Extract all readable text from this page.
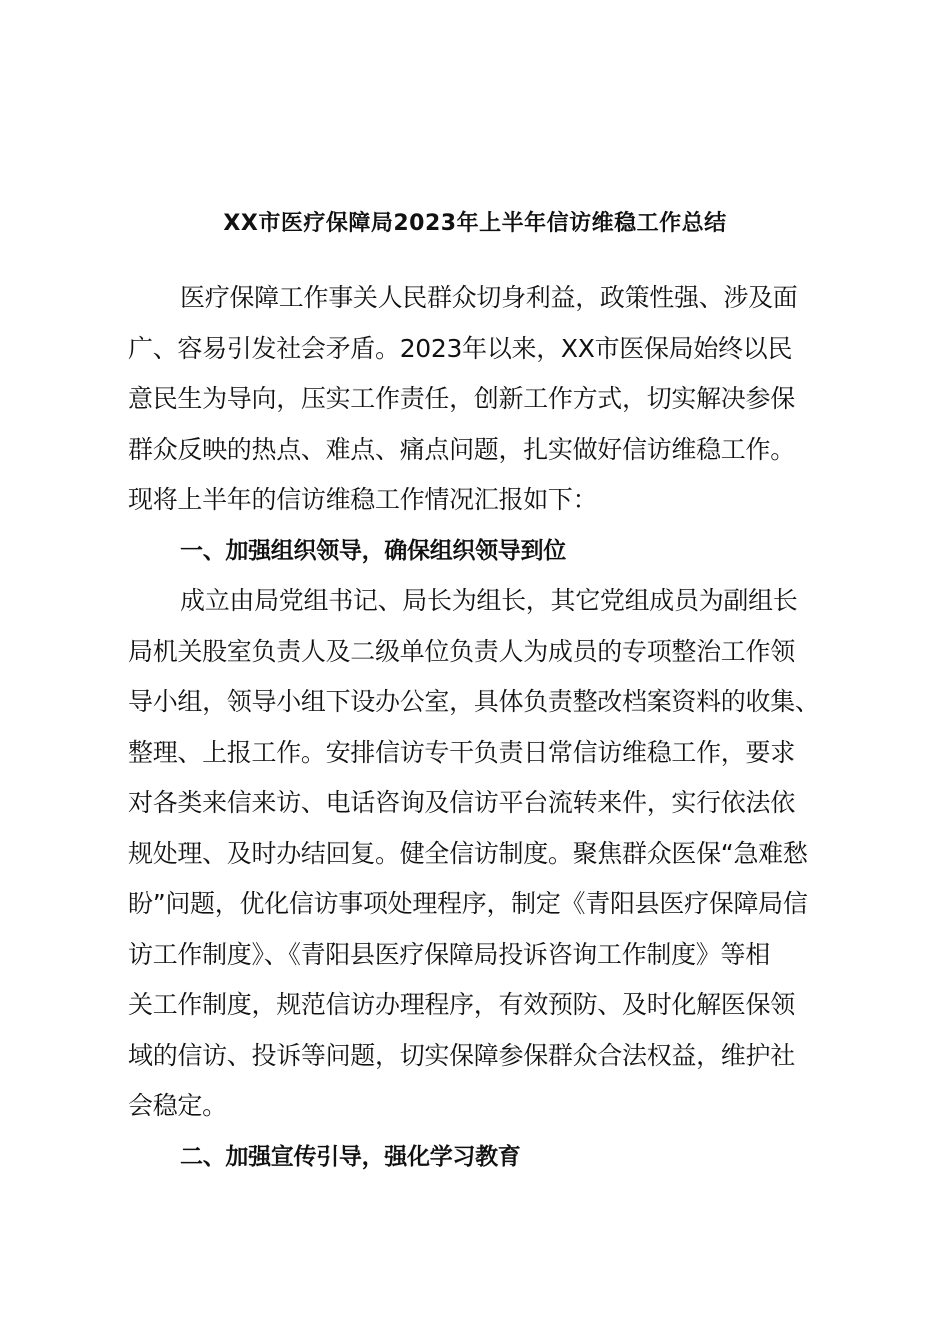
XX市医疗保障局2023年上半年信访维稳工作总结
医疗保障工作事关人民群众切身利益，政策性强、涉及面
广、容易引发社会矛盾。2023年以来，XX市医保局始终以民
意民生为导向，压实工作责任，创新工作方式，切实解决参保
群众反映的热点、难点、痛点问题，扎实做好信访维稳工作。
现将上半年的信访维稳工作情况汇报如下：
一、加强组织领导，确保组织领导到位
成立由局党组书记、局长为组长，其它党组成员为副组长
局机关股室负责人及二级单位负责人为成员的专项整治工作领
导小组，领导小组下设办公室，具体负责整改档案资料的收集、
整理、上报工作。安排信访专干负责日常信访维稳工作，要求
对各类来信来访、电话咨询及信访平台流转来件，实行依法依
规处理、及时办结回复。健全信访制度。聚焦群众医保“急难愁
盼”问题，优化信访事项处理程序，制定《青阳县医疗保障局信
访工作制度》、《青阳县医疗保障局投诉咨询工作制度》等相
关工作制度，规范信访办理程序，有效预防、及时化解医保领
域的信访、投诉等问题，切实保障参保群众合法权益，维护社
会稳定。
二、加强宣传引导，强化学习教育
